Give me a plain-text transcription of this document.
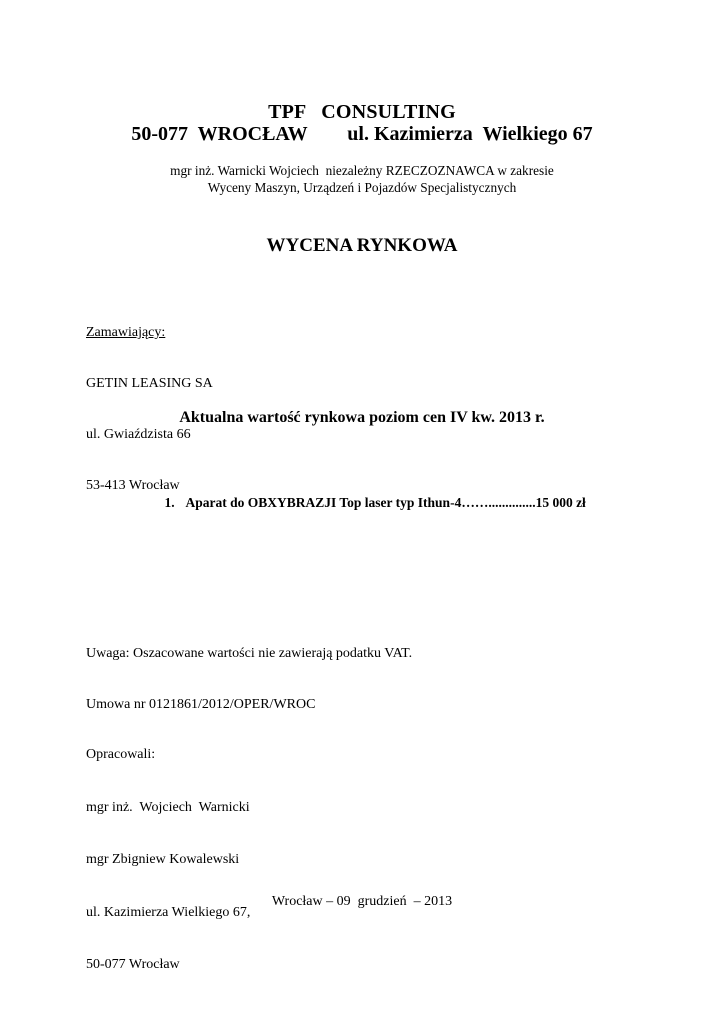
TPF   CONSULTING
50-077  WROCŁAW        ul. Kazimierza  Wielkiego 67
mgr inż. Warnicki Wojciech  niezależny RZECZOZNAWCA w zakresie
Wyceny Maszyn, Urządzeń i Pojazdów Specjalistycznych
WYCENA RYNKOWA

Zamawiający:

GETIN LEASING SA

ul. Gwiaździsta 66

53-413 Wrocław

Aktualna wartość rynkowa poziom cen IV kw. 2013 r.

1. Aparat do OBXYBRAZJI Top laser typ Ithun-4……..............15 000 zł

Uwaga: Oszacowane wartości nie zawierają podatku VAT.

Umowa nr 0121861/2012/OPER/WROC

Opracowali:

mgr inż.  Wojciech  Warnicki

mgr Zbigniew Kowalewski

ul. Kazimierza Wielkiego 67,

50-077 Wrocław

Wrocław – 09  grudzień  – 2013
